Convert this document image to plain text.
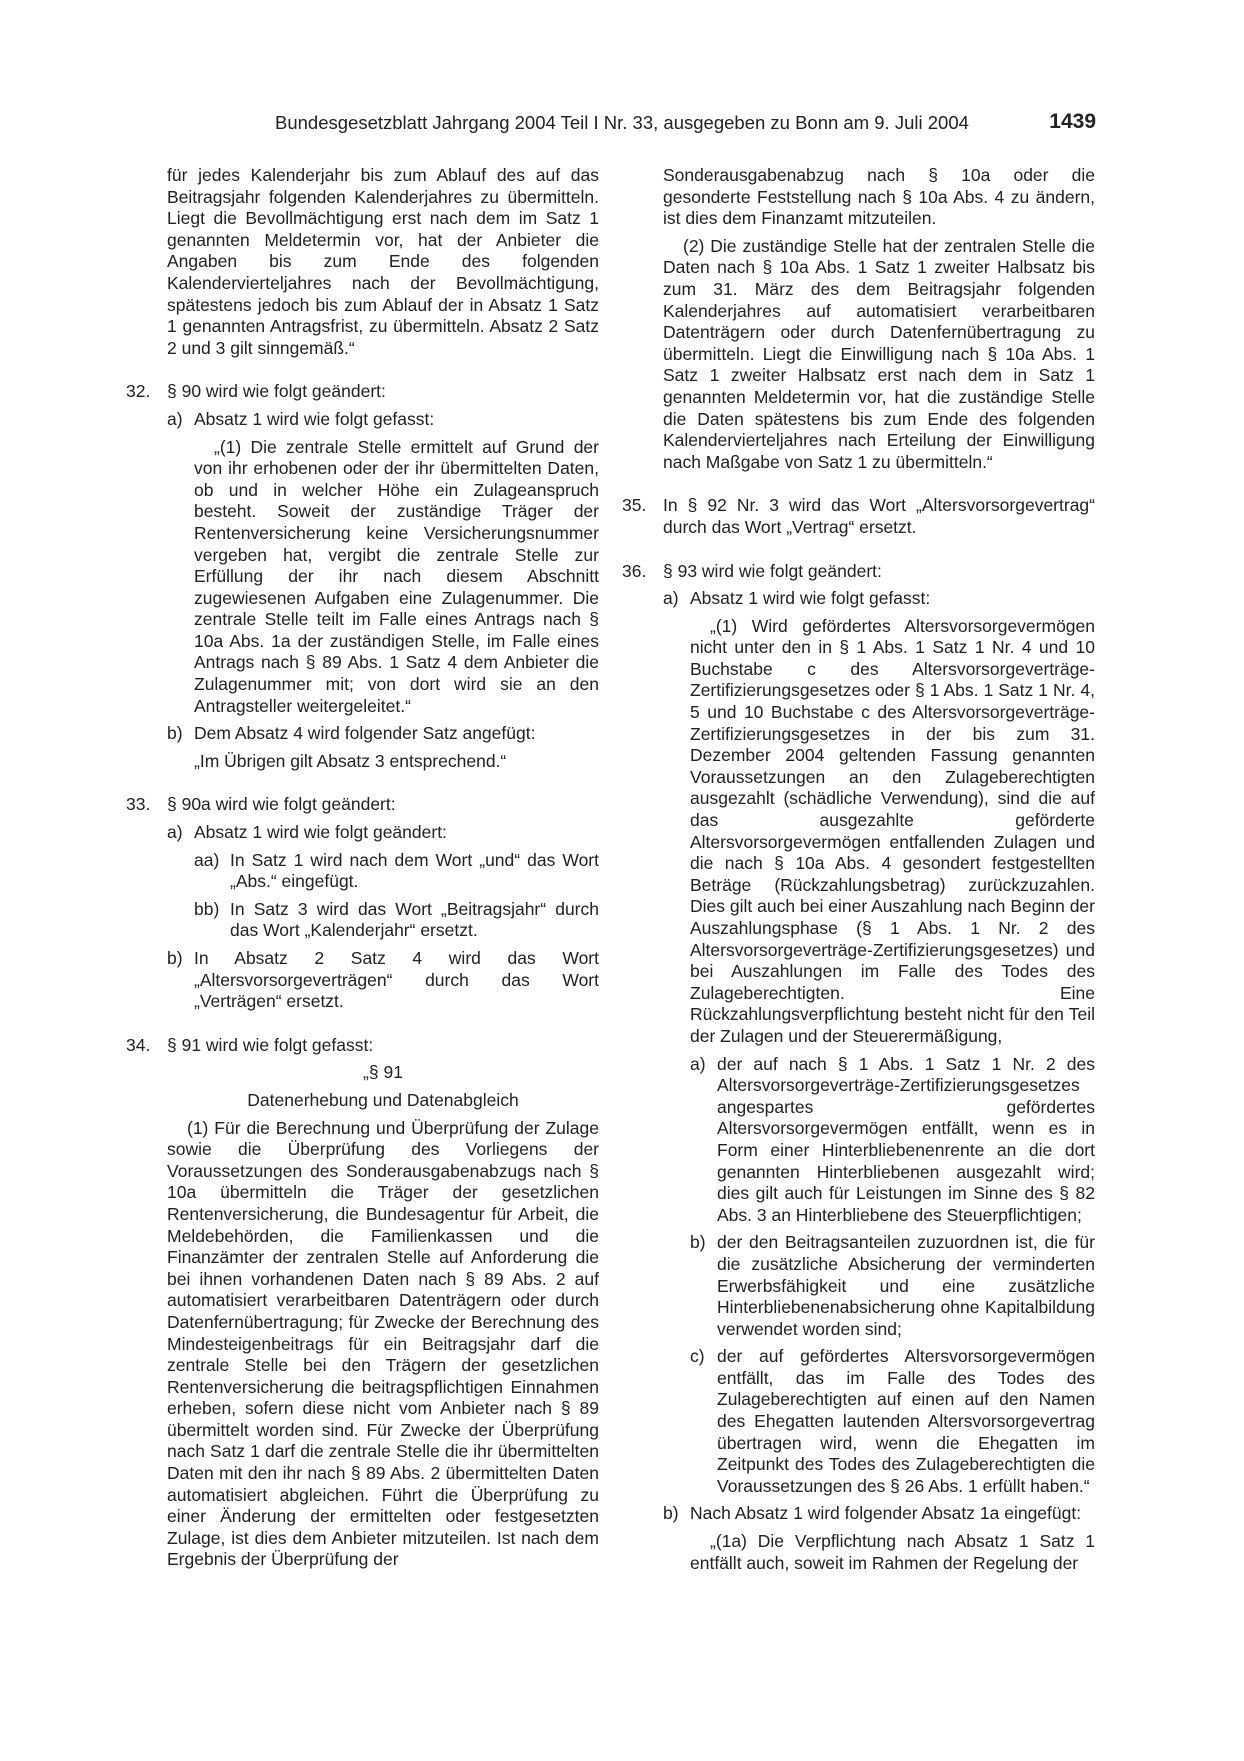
Bundesgesetzblatt Jahrgang 2004 Teil I Nr. 33, ausgegeben zu Bonn am 9. Juli 2004	1439

für jedes Kalenderjahr bis zum Ablauf des auf das Beitragsjahr folgenden Kalenderjahres zu übermitteln. Liegt die Bevollmächtigung erst nach dem im Satz 1 genannten Meldetermin vor, hat der Anbieter die Angaben bis zum Ende des folgenden Kalendervierteljahres nach der Bevollmächtigung, spätestens jedoch bis zum Ablauf der in Absatz 1 Satz 1 genannten Antragsfrist, zu übermitteln. Absatz 2 Satz 2 und 3 gilt sinngemäß.“

32. § 90 wird wie folgt geändert:
a) Absatz 1 wird wie folgt gefasst:

„(1) Die zentrale Stelle ermittelt auf Grund der von ihr erhobenen oder der ihr übermittelten Daten, ob und in welcher Höhe ein Zulageanspruch besteht. Soweit der zuständige Träger der Rentenversicherung keine Versicherungsnummer vergeben hat, vergibt die zentrale Stelle zur Erfüllung der ihr nach diesem Abschnitt zugewiesenen Aufgaben eine Zulagenummer. Die zentrale Stelle teilt im Falle eines Antrags nach § 10a Abs. 1a der zuständigen Stelle, im Falle eines Antrags nach § 89 Abs. 1 Satz 4 dem Anbieter die Zulagenummer mit; von dort wird sie an den Antragsteller weitergeleitet.“

b) Dem Absatz 4 wird folgender Satz angefügt:

„Im Übrigen gilt Absatz 3 entsprechend.“

33. § 90a wird wie folgt geändert:
a) Absatz 1 wird wie folgt geändert:
aa) In Satz 1 wird nach dem Wort „und“ das Wort „Abs.“ eingefügt.
bb) In Satz 3 wird das Wort „Beitragsjahr“ durch das Wort „Kalenderjahr“ ersetzt.
b) In Absatz 2 Satz 4 wird das Wort „Altersvorsorgeverträgen“ durch das Wort „Verträgen“ ersetzt.
34. § 91 wird wie folgt gefasst:

„§ 91

Datenerhebung und Datenabgleich

(1) Für die Berechnung und Überprüfung der Zulage sowie die Überprüfung des Vorliegens der Voraussetzungen des Sonderausgabenabzugs nach § 10a übermitteln die Träger der gesetzlichen Rentenversicherung, die Bundesagentur für Arbeit, die Meldebehörden, die Familienkassen und die Finanzämter der zentralen Stelle auf Anforderung die bei ihnen vorhandenen Daten nach § 89 Abs. 2 auf automatisiert verarbeitbaren Datenträgern oder durch Datenfernübertragung; für Zwecke der Berechnung des Mindesteigenbeitrags für ein Beitragsjahr darf die zentrale Stelle bei den Trägern der gesetzlichen Rentenversicherung die beitragspflichtigen Einnahmen erheben, sofern diese nicht vom Anbieter nach § 89 übermittelt worden sind. Für Zwecke der Überprüfung nach Satz 1 darf die zentrale Stelle die ihr übermittelten Daten mit den ihr nach § 89 Abs. 2 übermittelten Daten automatisiert abgleichen. Führt die Überprüfung zu einer Änderung der ermittelten oder festgesetzten Zulage, ist dies dem Anbieter mitzuteilen. Ist nach dem Ergebnis der Überprüfung der

Sonderausgabenabzug nach § 10a oder die gesonderte Feststellung nach § 10a Abs. 4 zu ändern, ist dies dem Finanzamt mitzuteilen.

(2) Die zuständige Stelle hat der zentralen Stelle die Daten nach § 10a Abs. 1 Satz 1 zweiter Halbsatz bis zum 31. März des dem Beitragsjahr folgenden Kalenderjahres auf automatisiert verarbeitbaren Datenträgern oder durch Datenfernübertragung zu übermitteln. Liegt die Einwilligung nach § 10a Abs. 1 Satz 1 zweiter Halbsatz erst nach dem in Satz 1 genannten Meldetermin vor, hat die zuständige Stelle die Daten spätestens bis zum Ende des folgenden Kalendervierteljahres nach Erteilung der Einwilligung nach Maßgabe von Satz 1 zu übermitteln.“

35. In § 92 Nr. 3 wird das Wort „Altersvorsorgevertrag“ durch das Wort „Vertrag“ ersetzt.
36. § 93 wird wie folgt geändert:
a) Absatz 1 wird wie folgt gefasst:

„(1) Wird gefördertes Altersvorsorgevermögen nicht unter den in § 1 Abs. 1 Satz 1 Nr. 4 und 10 Buchstabe c des Altersvorsorgeverträge-Zertifizierungsgesetzes oder § 1 Abs. 1 Satz 1 Nr. 4, 5 und 10 Buchstabe c des Altersvorsorgeverträge-Zertifizierungsgesetzes in der bis zum 31. Dezember 2004 geltenden Fassung genannten Voraussetzungen an den Zulageberechtigten ausgezahlt (schädliche Verwendung), sind die auf das ausgezahlte geförderte Altersvorsorgevermögen entfallenden Zulagen und die nach § 10a Abs. 4 gesondert festgestellten Beträge (Rückzahlungsbetrag) zurückzuzahlen. Dies gilt auch bei einer Auszahlung nach Beginn der Auszahlungsphase (§ 1 Abs. 1 Nr. 2 des Altersvorsorgeverträge-Zertifizierungsgesetzes) und bei Auszahlungen im Falle des Todes des Zulageberechtigten. Eine Rückzahlungsverpflichtung besteht nicht für den Teil der Zulagen und der Steuerermäßigung,

a) der auf nach § 1 Abs. 1 Satz 1 Nr. 2 des Altersvorsorgeverträge-Zertifizierungsgesetzes angespartes gefördertes Altersvorsorgevermögen entfällt, wenn es in Form einer Hinterbliebenenrente an die dort genannten Hinterbliebenen ausgezahlt wird; dies gilt auch für Leistungen im Sinne des § 82 Abs. 3 an Hinterbliebene des Steuerpflichtigen;
b) der den Beitragsanteilen zuzuordnen ist, die für die zusätzliche Absicherung der verminderten Erwerbsfähigkeit und eine zusätzliche Hinterbliebenenabsicherung ohne Kapitalbildung verwendet worden sind;
c) der auf gefördertes Altersvorsorgevermögen entfällt, das im Falle des Todes des Zulageberechtigten auf einen auf den Namen des Ehegatten lautenden Altersvorsorgevertrag übertragen wird, wenn die Ehegatten im Zeitpunkt des Todes des Zulageberechtigten die Voraussetzungen des § 26 Abs. 1 erfüllt haben.“
b) Nach Absatz 1 wird folgender Absatz 1a eingefügt:

„(1a) Die Verpflichtung nach Absatz 1 Satz 1 entfällt auch, soweit im Rahmen der Regelung der
